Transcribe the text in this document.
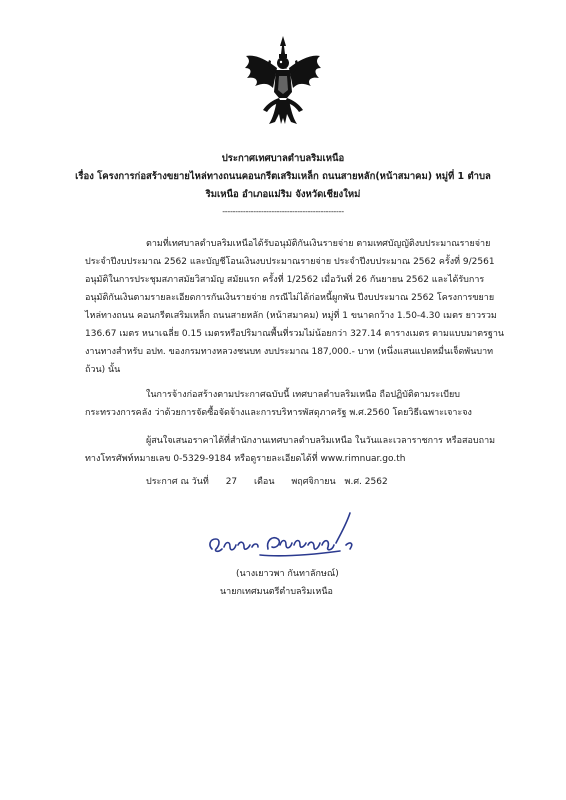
ประกาศเทศบาลตำบลริมเหนือ
เรื่อง โครงการก่อสร้างขยายไหล่ทางถนนคอนกรีตเสริมเหล็ก ถนนสายหลัก(หน้าสมาคม) หมู่ที่ 1 ตำบล
ริมเหนือ อำเภอแม่ริม จังหวัดเชียงใหม่
-----------------------------------------------
ตามที่เทศบาลตำบลริมเหนือได้รับอนุมัติกันเงินรายจ่าย ตามเทศบัญญัติงบประมาณรายจ่าย
ประจำปีงบประมาณ 2562 และบัญชีโอนเงินงบประมาณรายจ่าย ประจำปีงบประมาณ 2562 ครั้งที่ 9/2561
อนุมัติในการประชุมสภาสมัยวิสามัญ สมัยแรก ครั้งที่ 1/2562 เมื่อวันที่ 26 กันยายน 2562 และได้รับการ
อนุมัติกันเงินตามรายละเอียดการกันเงินรายจ่าย กรณีไม่ได้ก่อหนี้ผูกพัน ปีงบประมาณ 2562 โครงการขยาย
ไหล่ทางถนน คอนกรีตเสริมเหล็ก ถนนสายหลัก (หน้าสมาคม) หมู่ที่ 1 ขนาดกว้าง 1.50-4.30 เมตร ยาวรวม
136.67 เมตร หนาเฉลี่ย 0.15 เมตรหรือปริมาณพื้นที่รวมไม่น้อยกว่า 327.14 ตารางเมตร ตามแบบมาตรฐาน
งานทางสำหรับ อปท. ของกรมทางหลวงชนบท งบประมาณ 187,000.- บาท (หนึ่งแสนแปดหมื่นเจ็ดพันบาท
ถ้วน) นั้น
ในการจ้างก่อสร้างตามประกาศฉบับนี้ เทศบาลตำบลริมเหนือ ถือปฏิบัติตามระเบียบ
กระทรวงการคลัง ว่าด้วยการจัดซื้อจัดจ้างและการบริหารพัสดุภาครัฐ พ.ศ.2560 โดยวิธีเฉพาะเจาะจง
ผู้สนใจเสนอราคาได้ที่สำนักงานเทศบาลตำบลริมเหนือ ในวันและเวลาราชการ หรือสอบถาม
ทางโทรศัพท์หมายเลข 0-5329-9184 หรือดูรายละเอียดได้ที่ www.rimnuar.go.th
ประกาศ ณ วันที่ 27 เดือน พฤศจิกายน พ.ศ. 2562
(นางเยาวพา กันทาลักษณ์)
นายกเทศมนตรีตำบลริมเหนือ
